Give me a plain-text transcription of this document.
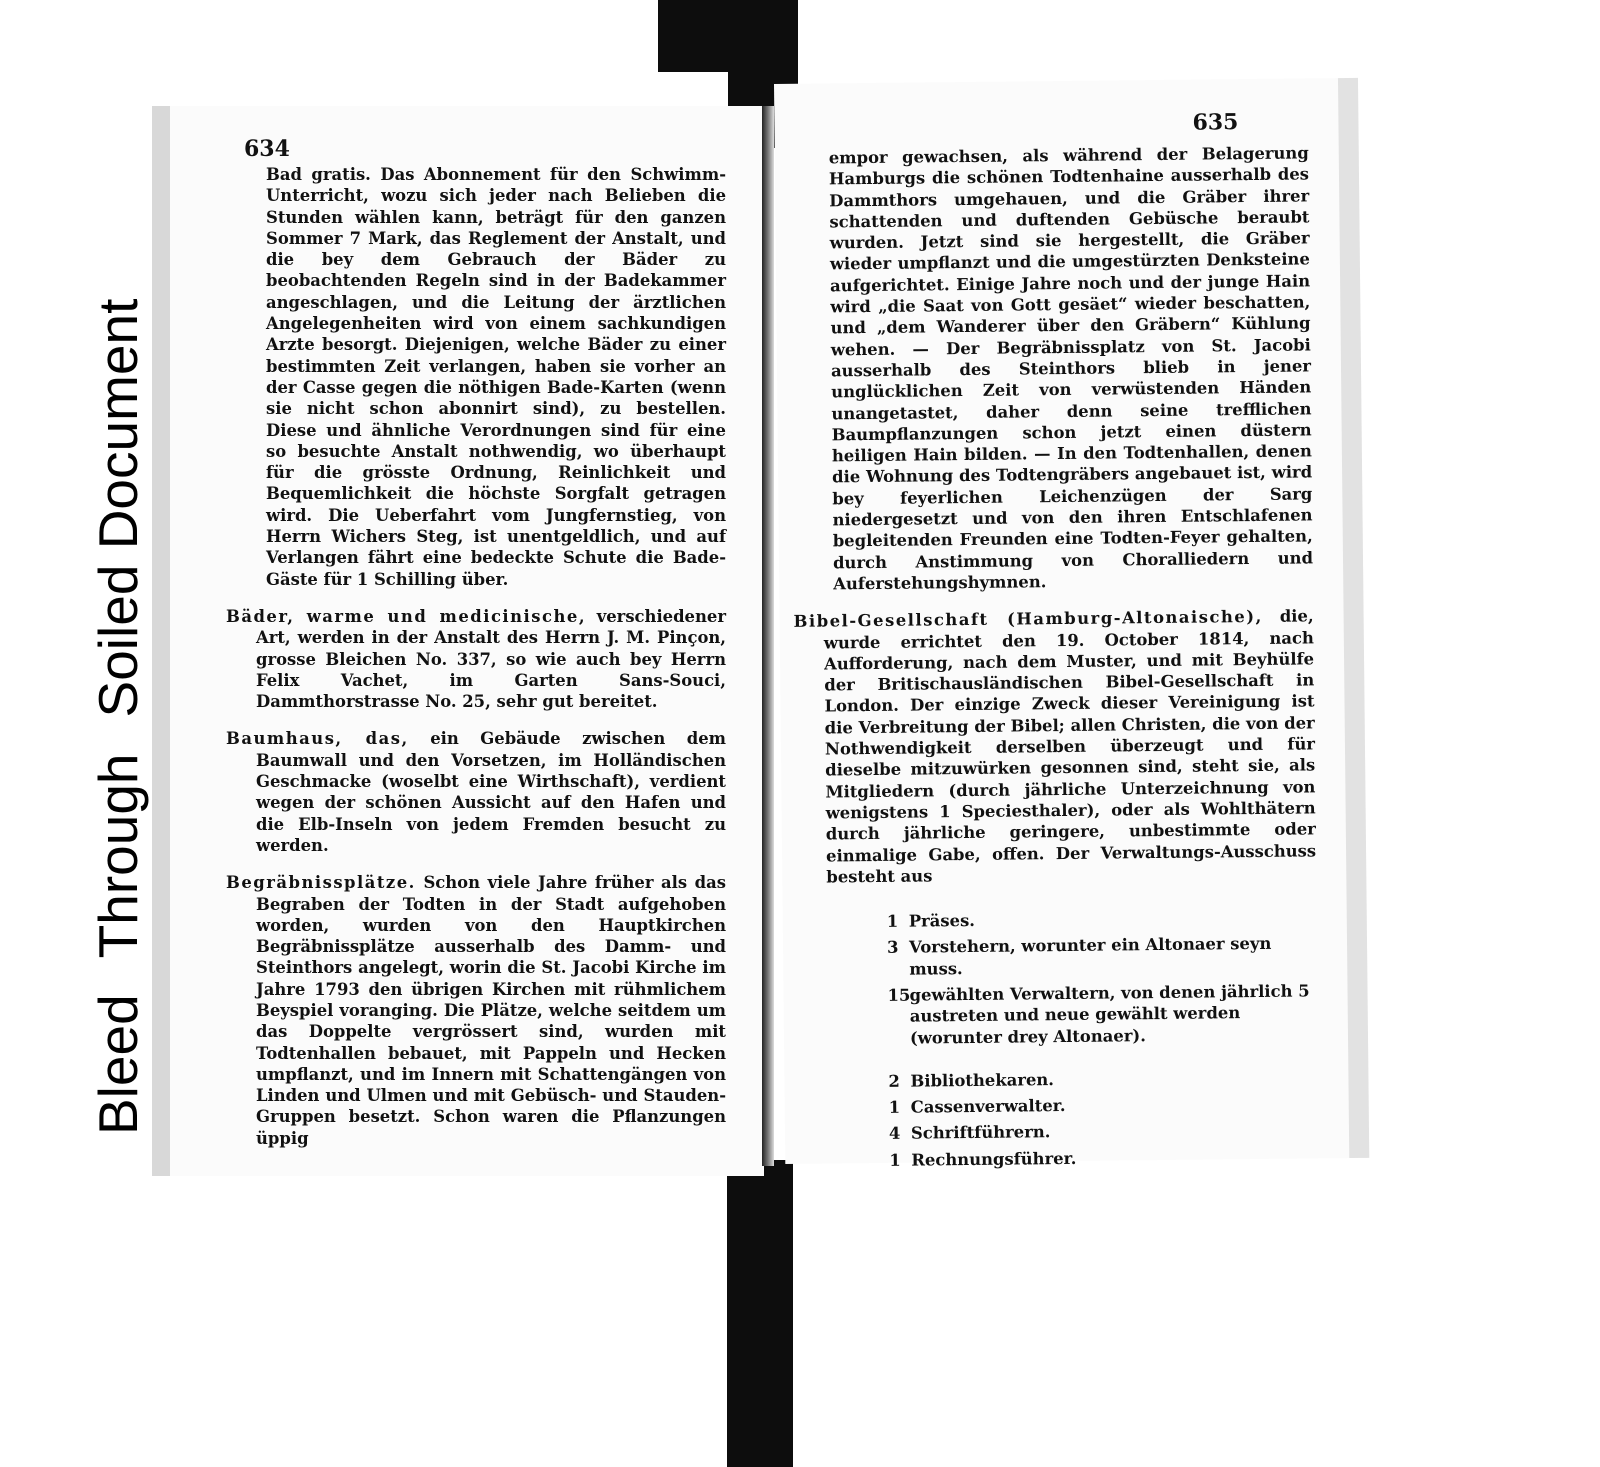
BleedThroughSoiled Document
634

Bad gratis. Das Abonnement für den Schwimm-Unterricht, wozu sich jeder nach Belieben die Stunden wählen kann, beträgt für den ganzen Sommer 7 Mark, das Reglement der Anstalt, und die bey dem Gebrauch der Bäder zu beobachtenden Regeln sind in der Badekammer angeschlagen, und die Leitung der ärztlichen Angelegenheiten wird von einem sachkundigen Arzte besorgt. Diejenigen, welche Bäder zu einer bestimmten Zeit verlangen, haben sie vorher an der Casse gegen die nöthigen Bade-Karten (wenn sie nicht schon abonnirt sind), zu bestellen. Diese und ähnliche Verordnungen sind für eine so besuchte Anstalt nothwendig, wo überhaupt für die grösste Ordnung, Reinlichkeit und Bequemlichkeit die höchste Sorgfalt getragen wird. Die Ueberfahrt vom Jungfernstieg, von Herrn Wichers Steg, ist unentgeldlich, und auf Verlangen fährt eine bedeckte Schute die Bade-Gäste für 1 Schilling über.

Bäder, warme und medicinische, verschiedener Art, werden in der Anstalt des Herrn J. M. Pinçon, grosse Bleichen No. 337, so wie auch bey Herrn Felix Vachet, im Garten Sans-Souci, Dammthorstrasse No. 25, sehr gut bereitet.

Baumhaus, das, ein Gebäude zwischen dem Baumwall und den Vorsetzen, im Holländischen Geschmacke (woselbt eine Wirthschaft), verdient wegen der schönen Aussicht auf den Hafen und die Elb-Inseln von jedem Fremden besucht zu werden.

Begräbnissplätze. Schon viele Jahre früher als das Begraben der Todten in der Stadt aufgehoben worden, wurden von den Hauptkirchen Begräbnissplätze ausserhalb des Damm- und Steinthors angelegt, worin die St. Jacobi Kirche im Jahre 1793 den übrigen Kirchen mit rühmlichem Beyspiel voranging. Die Plätze, welche seitdem um das Doppelte vergrössert sind, wurden mit Todtenhallen bebauet, mit Pappeln und Hecken umpflanzt, und im Innern mit Schattengängen von Linden und Ulmen und mit Gebüsch- und Stauden-Gruppen besetzt. Schon waren die Pflanzungen üppig

635

empor gewachsen, als während der Belagerung Hamburgs die schönen Todtenhaine ausserhalb des Dammthors umgehauen, und die Gräber ihrer schattenden und duftenden Gebüsche beraubt wurden. Jetzt sind sie hergestellt, die Gräber wieder umpflanzt und die umgestürzten Denksteine aufgerichtet. Einige Jahre noch und der junge Hain wird „die Saat von Gott gesäet“ wieder beschatten, und „dem Wanderer über den Gräbern“ Kühlung wehen. — Der Begräbnissplatz von St. Jacobi ausserhalb des Steinthors blieb in jener unglücklichen Zeit von verwüstenden Händen unangetastet, daher denn seine trefflichen Baumpflanzungen schon jetzt einen düstern heiligen Hain bilden. — In den Todtenhallen, denen die Wohnung des Todtengräbers angebauet ist, wird bey feyerlichen Leichenzügen der Sarg niedergesetzt und von den ihren Entschlafenen begleitenden Freunden eine Todten-Feyer gehalten, durch Anstimmung von Choralliedern und Auferstehungshymnen.

Bibel-Gesellschaft (Hamburg-Altonaische), die, wurde errichtet den 19. October 1814, nach Aufforderung, nach dem Muster, und mit Beyhülfe der Britischausländischen Bibel-Gesellschaft in London. Der einzige Zweck dieser Vereinigung ist die Verbreitung der Bibel; allen Christen, die von der Nothwendigkeit derselben überzeugt und für dieselbe mitzuwürken gesonnen sind, steht sie, als Mitgliedern (durch jährliche Unterzeichnung von wenigstens 1 Speciesthaler), oder als Wohlthätern durch jährliche geringere, unbestimmte oder einmalige Gabe, offen. Der Verwaltungs-Ausschuss besteht aus

1 Präses.
3 Vorstehern, worunter ein Altonaer seyn muss.
15
gewählten Verwaltern, von denen jährlich 5 austreten und neue gewählt werden (worunter drey Altonaer).
2 Bibliothekaren.
1 Cassenverwalter.
4 Schriftführern.
1 Rechnungsführer.
